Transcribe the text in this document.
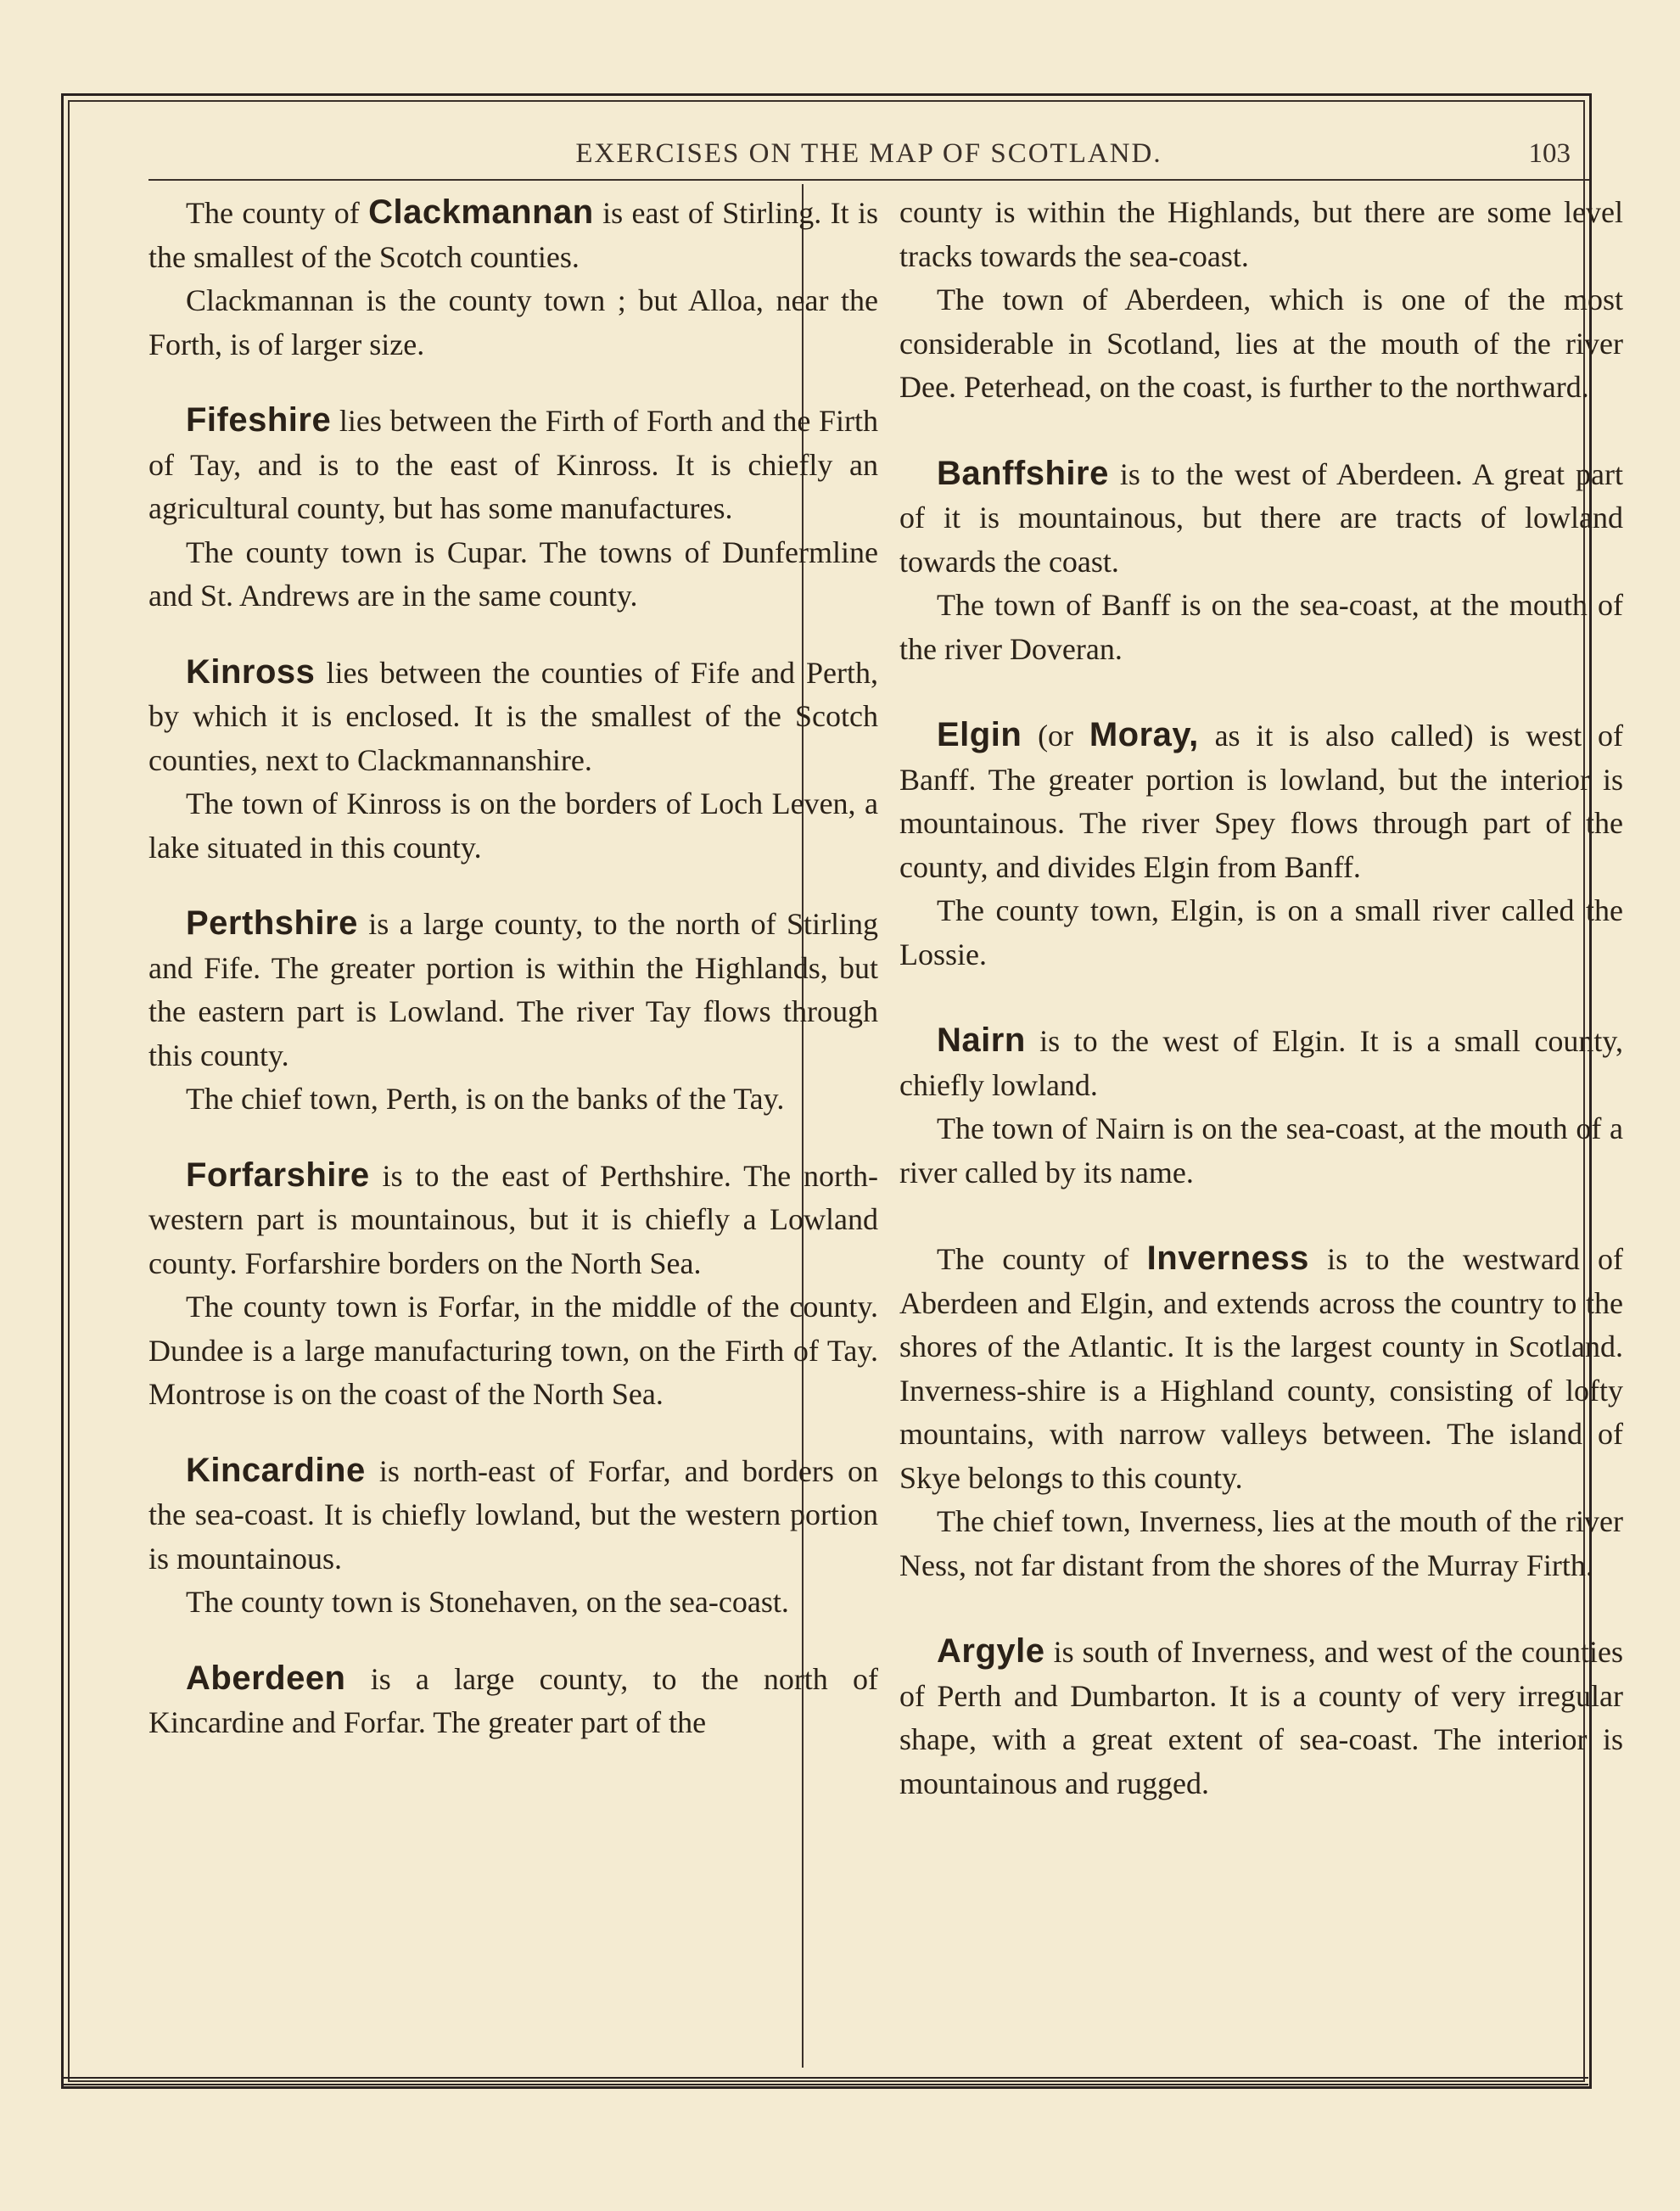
EXERCISES ON THE MAP OF SCOTLAND.	103

The county of Clackmannan is east of Stirling. It is the smallest of the Scotch counties.

Clackmannan is the county town ; but Alloa, near the Forth, is of larger size.

Fifeshire lies between the Firth of Forth and the Firth of Tay, and is to the east of Kinross. It is chiefly an agricultural county, but has some manufactures.

The county town is Cupar. The towns of Dunfermline and St. Andrews are in the same county.

Kinross lies between the counties of Fife and Perth, by which it is enclosed. It is the smallest of the Scotch counties, next to Clackmannanshire.

The town of Kinross is on the borders of Loch Leven, a lake situated in this county.

Perthshire is a large county, to the north of Stirling and Fife. The greater portion is within the Highlands, but the eastern part is Lowland. The river Tay flows through this county.

The chief town, Perth, is on the banks of the Tay.

Forfarshire is to the east of Perthshire. The north-western part is mountainous, but it is chiefly a Lowland county. Forfarshire borders on the North Sea.

The county town is Forfar, in the middle of the county. Dundee is a large manufacturing town, on the Firth of Tay. Montrose is on the coast of the North Sea.

Kincardine is north-east of Forfar, and borders on the sea-coast. It is chiefly lowland, but the western portion is mountainous.

The county town is Stonehaven, on the sea-coast.

Aberdeen is a large county, to the north of Kincardine and Forfar. The greater part of the

county is within the Highlands, but there are some level tracks towards the sea-coast.

The town of Aberdeen, which is one of the most considerable in Scotland, lies at the mouth of the river Dee. Peterhead, on the coast, is further to the northward.

Banffshire is to the west of Aberdeen. A great part of it is mountainous, but there are tracts of lowland towards the coast.

The town of Banff is on the sea-coast, at the mouth of the river Doveran.

Elgin (or Moray, as it is also called) is west of Banff. The greater portion is lowland, but the interior is mountainous. The river Spey flows through part of the county, and divides Elgin from Banff.

The county town, Elgin, is on a small river called the Lossie.

Nairn is to the west of Elgin. It is a small county, chiefly lowland.

The town of Nairn is on the sea-coast, at the mouth of a river called by its name.

The county of Inverness is to the westward of Aberdeen and Elgin, and extends across the country to the shores of the Atlantic. It is the largest county in Scotland. Inverness-shire is a Highland county, consisting of lofty mountains, with narrow valleys between. The island of Skye belongs to this county.

The chief town, Inverness, lies at the mouth of the river Ness, not far distant from the shores of the Murray Firth.

Argyle is south of Inverness, and west of the counties of Perth and Dumbarton. It is a county of very irregular shape, with a great extent of sea-coast. The interior is mountainous and rugged.
